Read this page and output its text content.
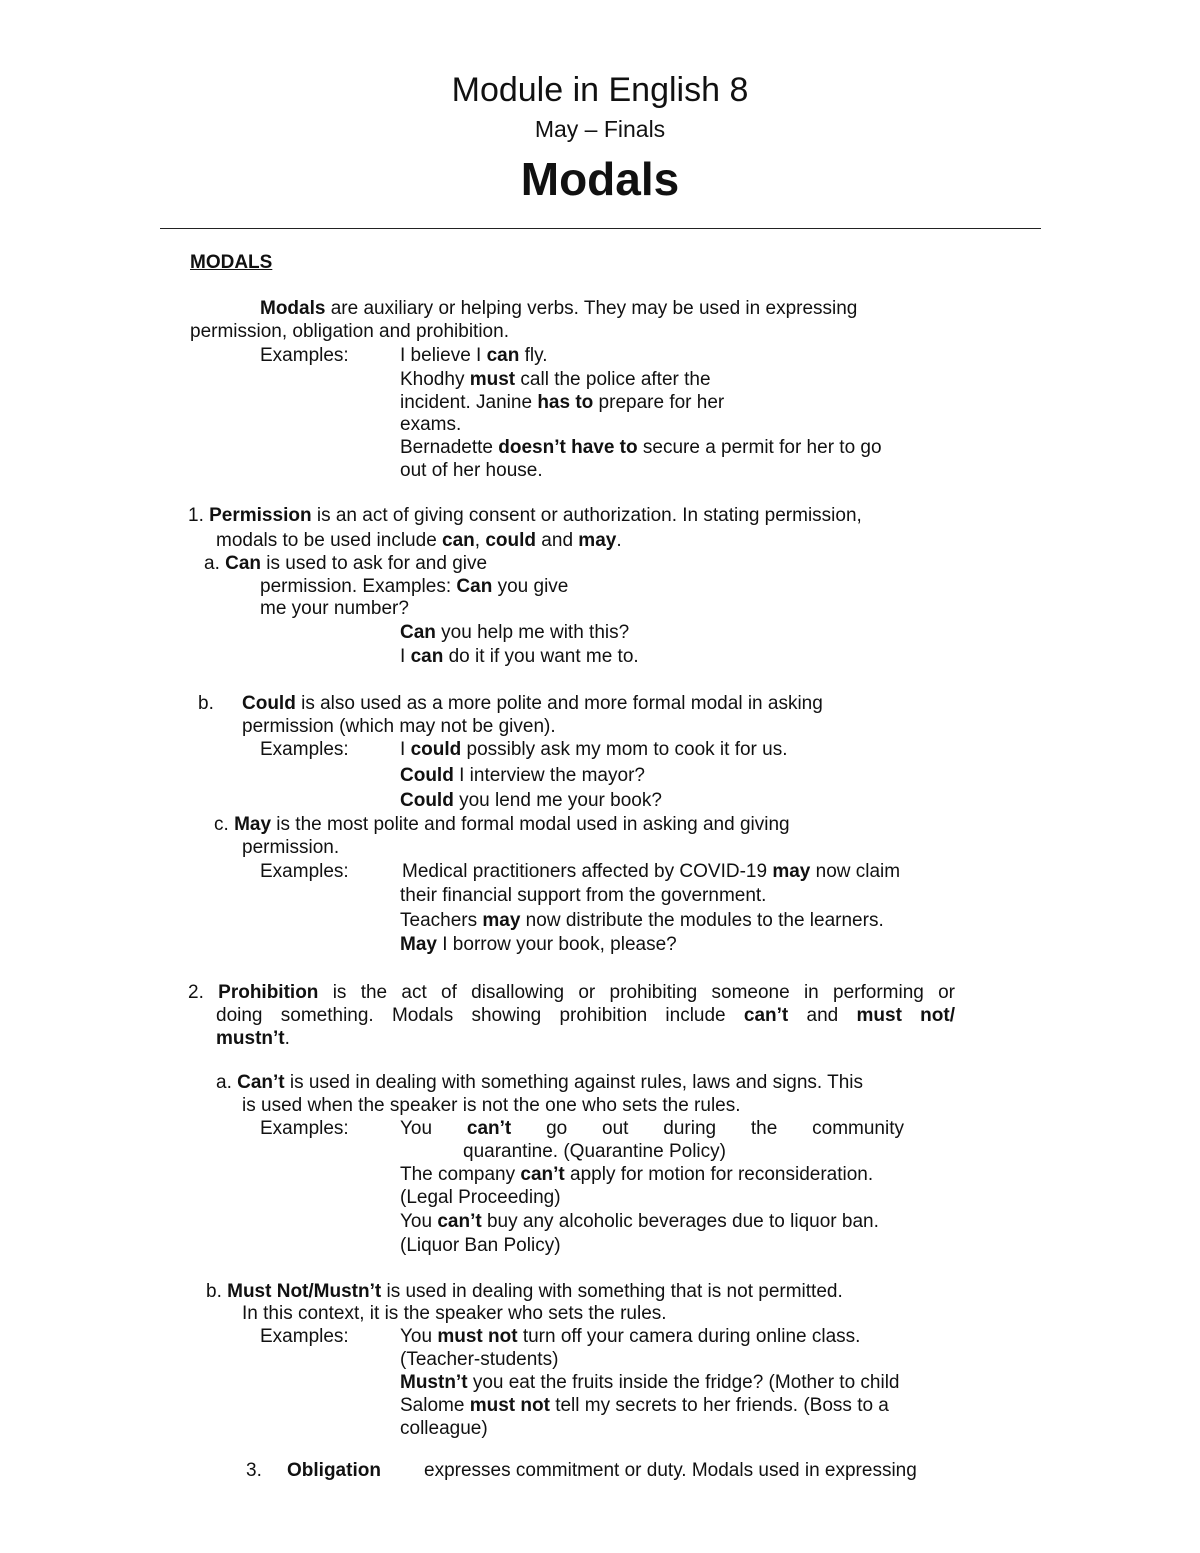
Module in English 8
May – Finals
Modals
MODALS
Modals are auxiliary or helping verbs. They may be used in expressing
permission, obligation and prohibition.
Examples:	I believe I can fly.
Khodhy must call the police after the
incident. Janine has to prepare for her
exams.
Bernadette doesn’t have to secure a permit for her to go
out of her house.
1. Permission is an act of giving consent or authorization. In stating permission,
modals to be used include can, could and may.
a. Can is used to ask for and give
permission. Examples: Can you give
me your number?
Can you help me with this?
I can do it if you want me to.
b. Could is also used as a more polite and more formal modal in asking
permission (which may not be given).
Examples:	I could possibly ask my mom to cook it for us.
Could I interview the mayor?
Could you lend me your book?
c. May is the most polite and formal modal used in asking and giving
permission.
Examples:	Medical practitioners affected by COVID-19 may now claim
their financial support from the government.
Teachers may now distribute the modules to the learners.
May I borrow your book, please?
2. Prohibition is the act of disallowing or prohibiting someone in performing or
doing something. Modals showing prohibition include can’t and must not/
mustn’t.
a. Can’t is used in dealing with something against rules, laws and signs. This
is used when the speaker is not the one who sets the rules.
Examples:	You can’t go out during the community
quarantine. (Quarantine Policy)
The company can’t apply for motion for reconsideration.
(Legal Proceeding)
You can’t buy any alcoholic beverages due to liquor ban.
(Liquor Ban Policy)
b. Must Not/Mustn’t is used in dealing with something that is not permitted.
In this context, it is the speaker who sets the rules.
Examples:	You must not turn off your camera during online class.
(Teacher-students)
Mustn’t you eat the fruits inside the fridge? (Mother to child
Salome must not tell my secrets to her friends. (Boss to a
colleague)
3. Obligation expresses commitment or duty. Modals used in expressing
